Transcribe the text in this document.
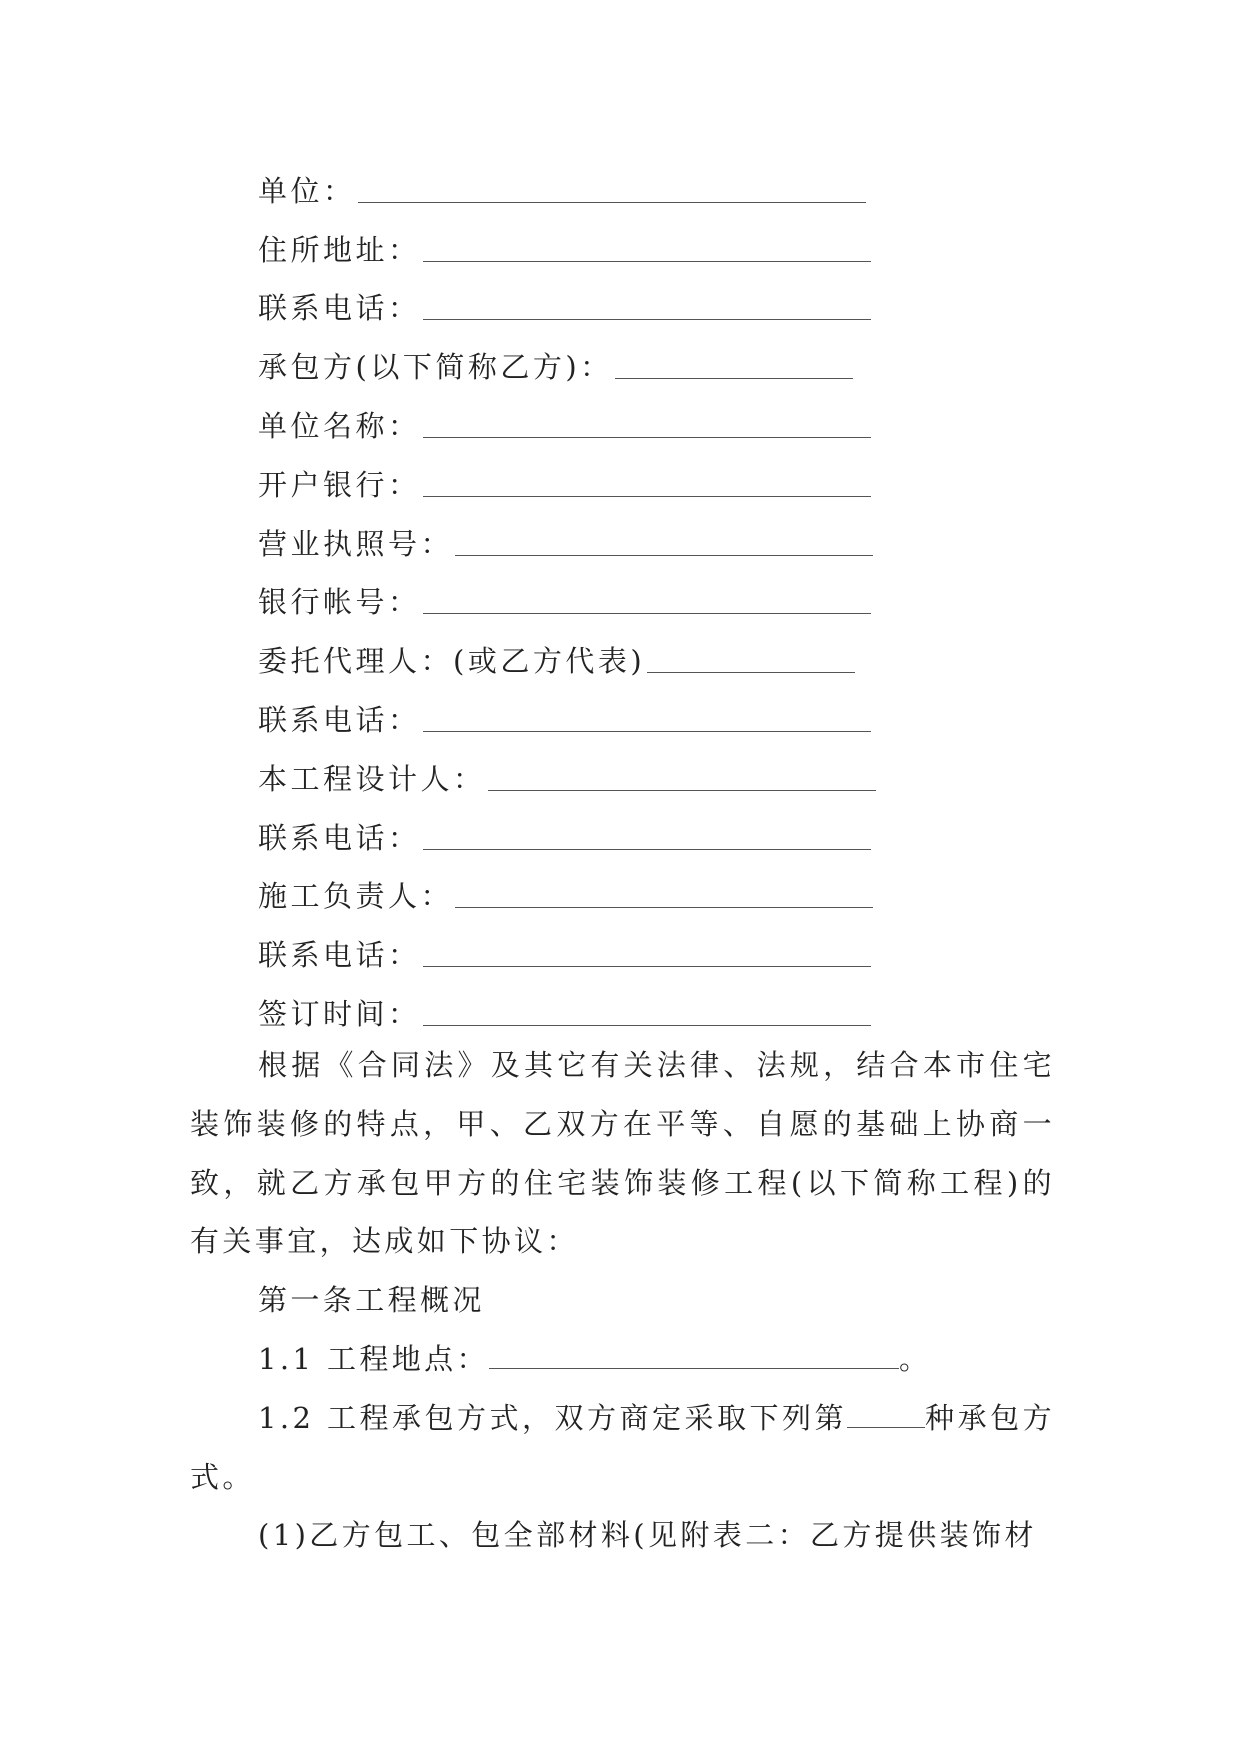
单位：
住所地址：
联系电话：
承包方(以下简称乙方)：
单位名称：
开户银行：
营业执照号：
银行帐号：
委托代理人：(或乙方代表)
联系电话：
本工程设计人：
联系电话：
施工负责人：
联系电话：
签订时间：

根据《合同法》及其它有关法律、法规，结合本市住宅装饰装修的特点，甲、乙双方在平等、自愿的基础上协商一致，就乙方承包甲方的住宅装饰装修工程(以下简称工程)的有关事宜，达成如下协议：

第一条工程概况

1.1 工程地点：	。

1.2 工程承包方式，双方商定采取下列第	种承包方式。

(1)乙方包工、包全部材料(见附表二：乙方提供装饰材
